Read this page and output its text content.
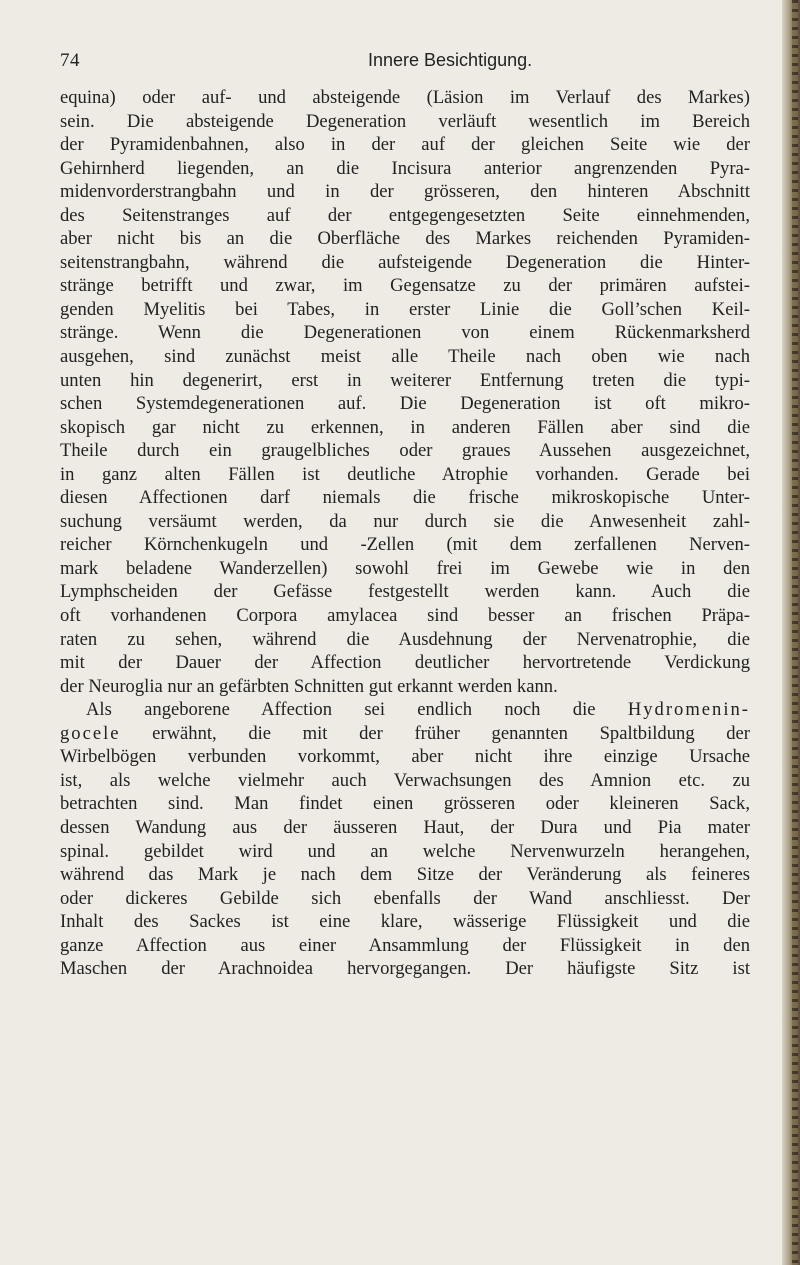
74	Innere Besichtigung.
equina) oder auf- und absteigende (Läsion im Verlauf des Markes)
sein. Die absteigende Degeneration verläuft wesentlich im Bereich
der Pyramidenbahnen, also in der auf der gleichen Seite wie der
Gehirnherd liegenden, an die Incisura anterior angrenzenden Pyra-
midenvorderstrangbahn und in der grösseren, den hinteren Abschnitt
des Seitenstranges auf der entgegengesetzten Seite einnehmenden,
aber nicht bis an die Oberfläche des Markes reichenden Pyramiden-
seitenstrangbahn, während die aufsteigende Degeneration die Hinter-
stränge betrifft und zwar, im Gegensatze zu der primären aufstei-
genden Myelitis bei Tabes, in erster Linie die Goll’schen Keil-
stränge. Wenn die Degenerationen von einem Rückenmarksherd
ausgehen, sind zunächst meist alle Theile nach oben wie nach
unten hin degenerirt, erst in weiterer Entfernung treten die typi-
schen Systemdegenerationen auf. Die Degeneration ist oft mikro-
skopisch gar nicht zu erkennen, in anderen Fällen aber sind die
Theile durch ein graugelbliches oder graues Aussehen ausgezeichnet,
in ganz alten Fällen ist deutliche Atrophie vorhanden. Gerade bei
diesen Affectionen darf niemals die frische mikroskopische Unter-
suchung versäumt werden, da nur durch sie die Anwesenheit zahl-
reicher Körnchenkugeln und -Zellen (mit dem zerfallenen Nerven-
mark beladene Wanderzellen) sowohl frei im Gewebe wie in den
Lymphscheiden der Gefässe festgestellt werden kann. Auch die
oft vorhandenen Corpora amylacea sind besser an frischen Präpa-
raten zu sehen, während die Ausdehnung der Nervenatrophie, die
mit der Dauer der Affection deutlicher hervortretende Verdickung
der Neuroglia nur an gefärbten Schnitten gut erkannt werden kann.
Als angeborene Affection sei endlich noch die Hydromenin-
gocele erwähnt, die mit der früher genannten Spaltbildung der
Wirbelbögen verbunden vorkommt, aber nicht ihre einzige Ursache
ist, als welche vielmehr auch Verwachsungen des Amnion etc. zu
betrachten sind. Man findet einen grösseren oder kleineren Sack,
dessen Wandung aus der äusseren Haut, der Dura und Pia mater
spinal. gebildet wird und an welche Nervenwurzeln herangehen,
während das Mark je nach dem Sitze der Veränderung als feineres
oder dickeres Gebilde sich ebenfalls der Wand anschliesst. Der
Inhalt des Sackes ist eine klare, wässerige Flüssigkeit und die
ganze Affection aus einer Ansammlung der Flüssigkeit in den
Maschen der Arachnoidea hervorgegangen. Der häufigste Sitz ist
